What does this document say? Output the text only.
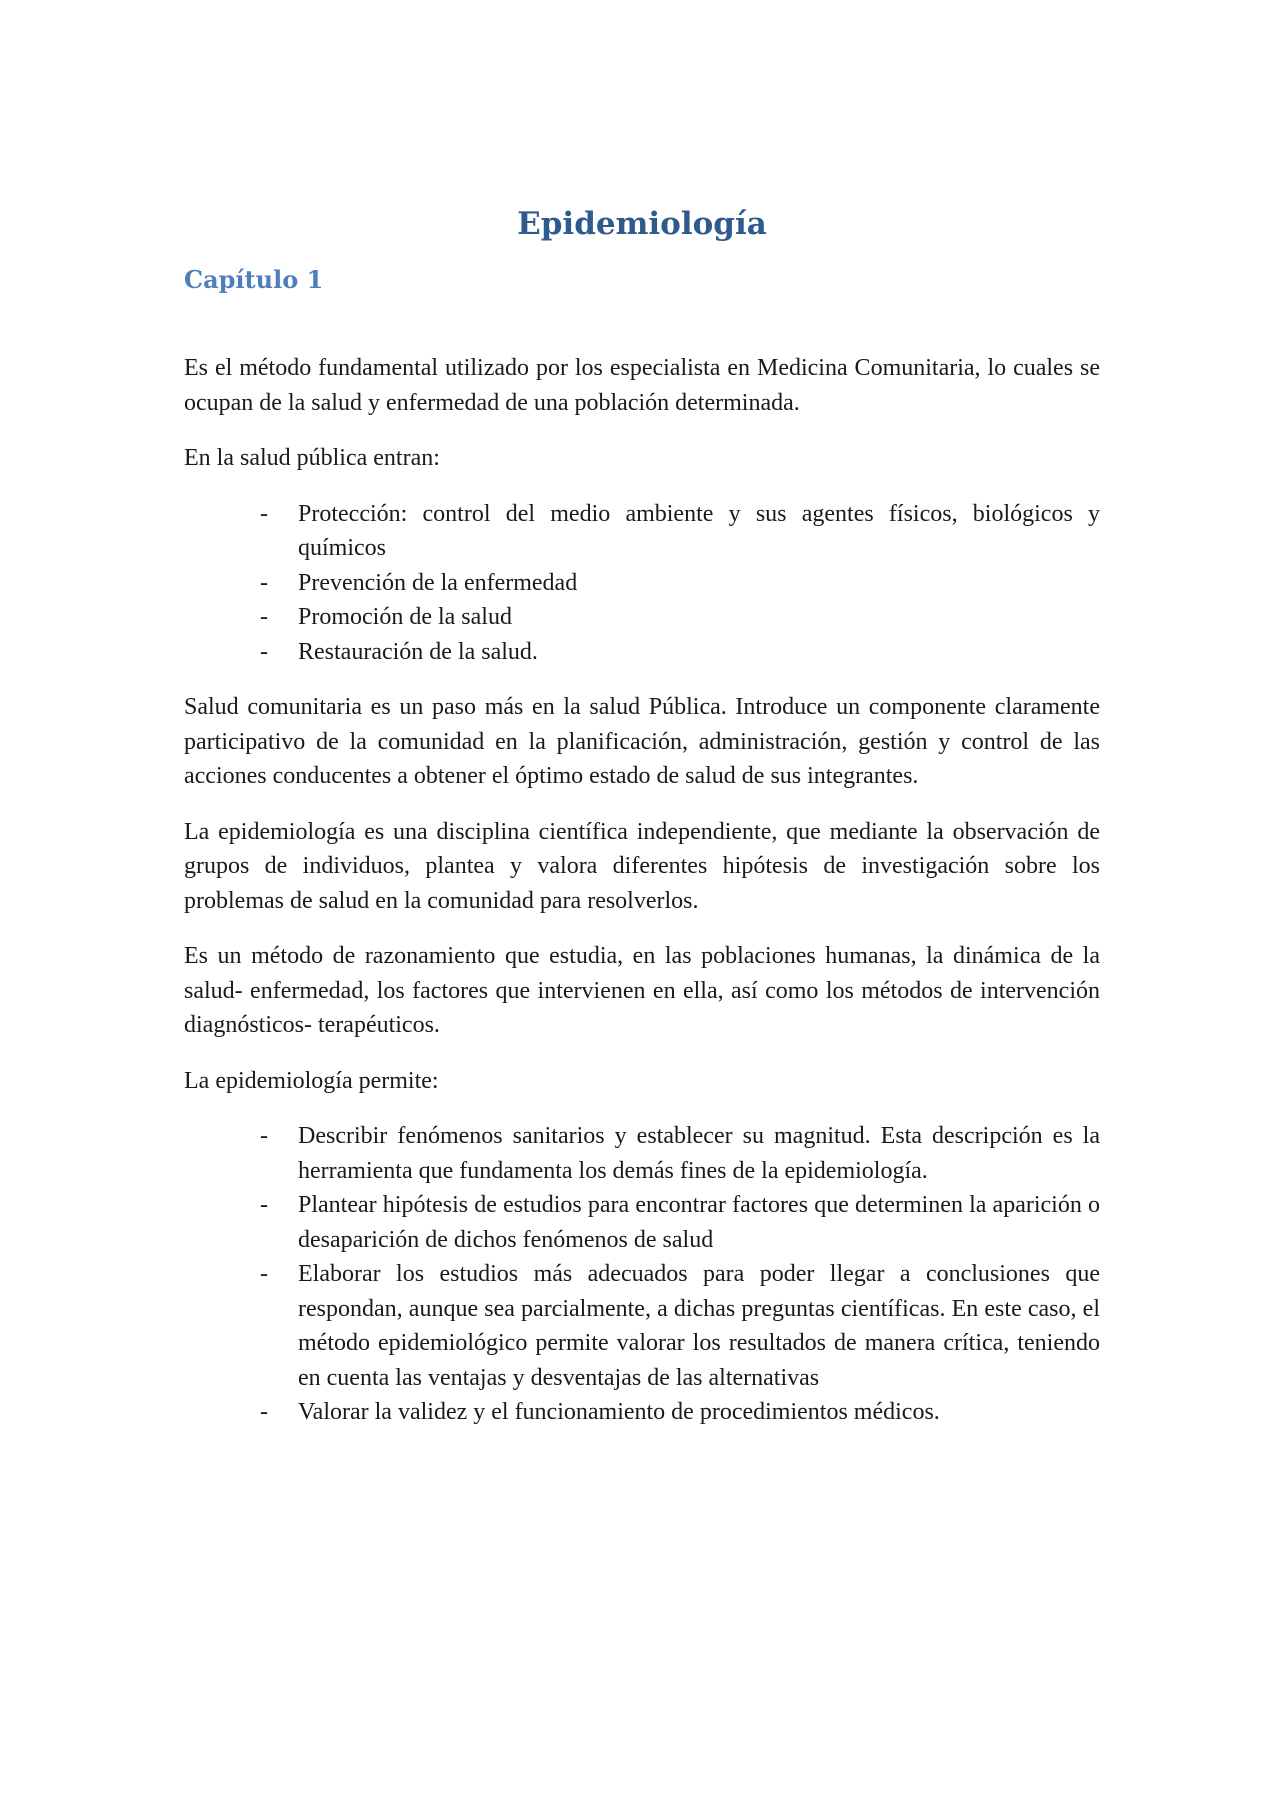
Epidemiología
Capítulo 1

Es el método fundamental utilizado por los especialista en Medicina Comunitaria, lo cuales se ocupan de la salud y enfermedad de una población determinada.

En la salud pública entran:

- Protección: control del medio ambiente y sus agentes físicos, biológicos y químicos
- Prevención de la enfermedad
- Promoción de la salud
- Restauración de la salud.

Salud comunitaria es un paso más en la salud Pública. Introduce un componente claramente participativo de la comunidad en la planificación, administración, gestión y control de las acciones conducentes a obtener el óptimo estado de salud de sus integrantes.

La epidemiología es una disciplina científica independiente, que mediante la observación de grupos de individuos, plantea y valora diferentes hipótesis de investigación sobre los problemas de salud en la comunidad para resolverlos.

Es un método de razonamiento que estudia, en las poblaciones humanas, la dinámica de la salud- enfermedad, los factores que intervienen en ella, así como los métodos de intervención diagnósticos- terapéuticos.

La epidemiología permite:

- Describir fenómenos sanitarios y establecer su magnitud. Esta descripción es la herramienta que fundamenta los demás fines de la epidemiología.
- Plantear hipótesis de estudios para encontrar factores que determinen la aparición o desaparición de dichos fenómenos de salud
- Elaborar los estudios más adecuados para poder llegar a conclusiones que respondan, aunque sea parcialmente, a dichas preguntas científicas. En este caso, el método epidemiológico permite valorar los resultados de manera crítica, teniendo en cuenta las ventajas y desventajas de las alternativas
- Valorar la validez y el funcionamiento de procedimientos médicos.
